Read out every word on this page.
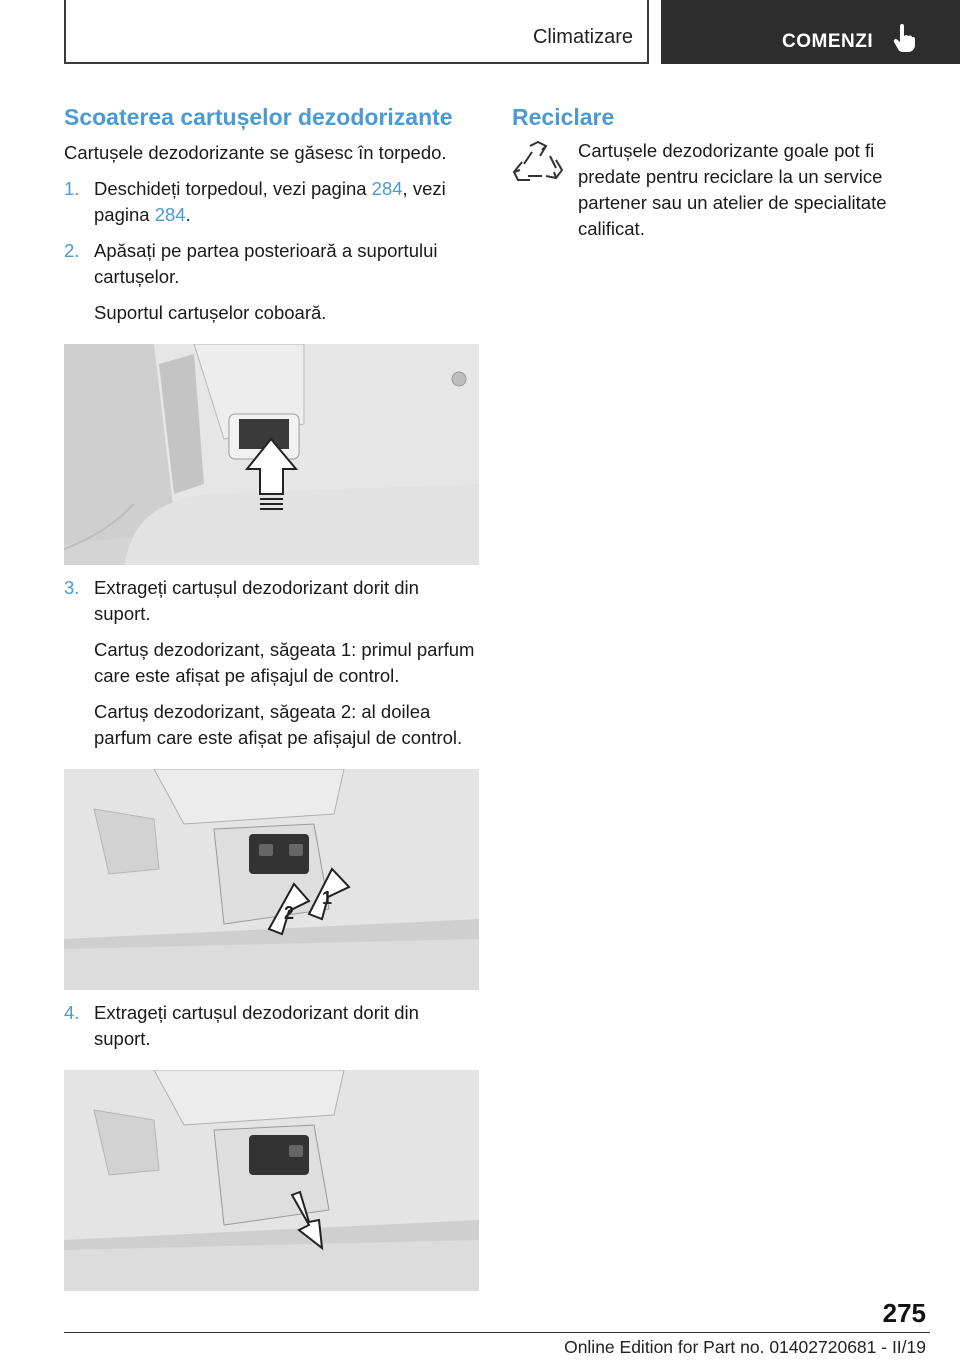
Climatizare	COMENZI
Scoaterea cartușelor dezodorizante

Cartușele dezodorizante se găsesc în torpedo.

1. Deschideți torpedoul, vezi pagina 284, vezi pagina 284.

2. Apăsați pe partea posterioară a suportului cartușelor.

Suportul cartușelor coboară.

3. Extrageți cartușul dezodorizant dorit din suport.

Cartuș dezodorizant, săgeata 1: primul parfum care este afișat pe afișajul de control.

Cartuș dezodorizant, săgeata 2: al doilea parfum care este afișat pe afișajul de control.

2
1
4. Extrageți cartușul dezodorizant dorit din suport.

Reciclare

Cartușele dezodorizante goale pot fi predate pentru reciclare la un service partener sau un atelier de specialitate calificat.

275
Online Edition for Part no. 01402720681 - II/19
